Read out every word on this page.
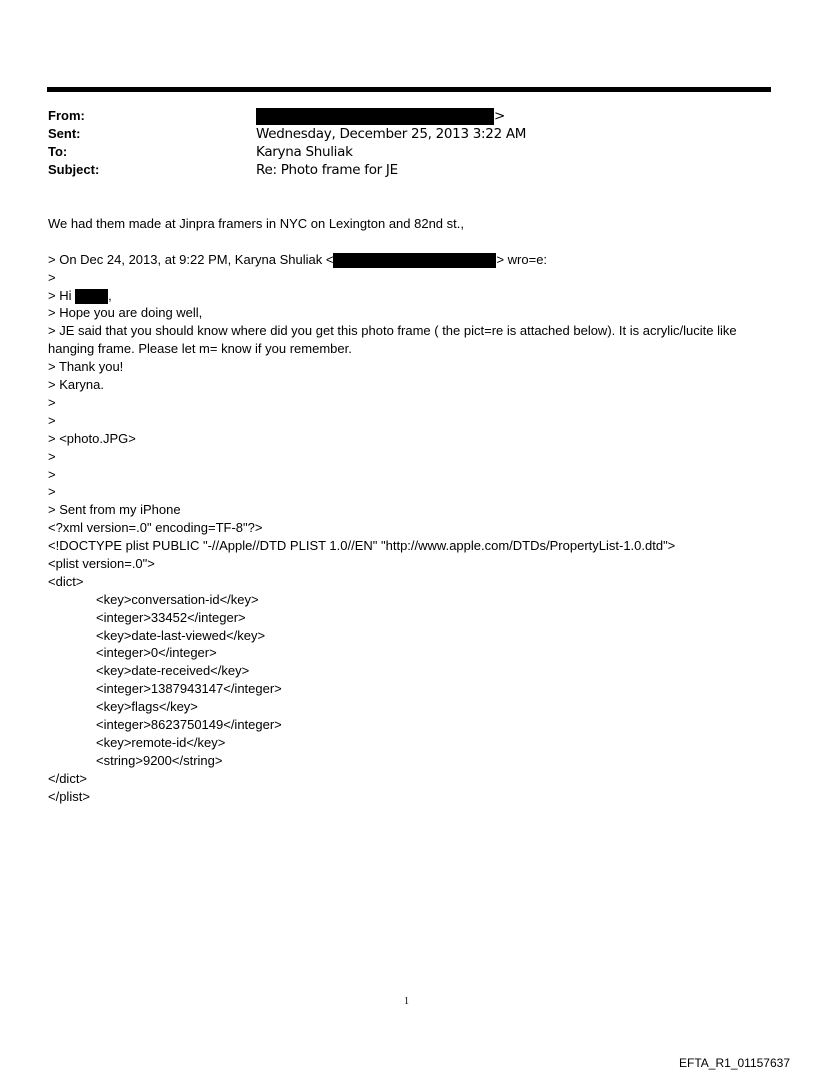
From:	>
Sent:	Wednesday, December 25, 2013 3:22 AM
To:	Karyna Shuliak
Subject:	Re: Photo frame for JE
We had them made at Jinpra framers in NYC on Lexington and 82nd st.,
> On Dec 24, 2013, at 9:22 PM, Karyna Shuliak <	> wro=e:
>
> Hi	,
> Hope you are doing well,
> JE said that you should know where did you get this photo frame ( the pict=re is attached below). It is acrylic/lucite like hanging frame. Please let m= know if you remember.
> Thank you!
> Karyna.
>
>
> <photo.JPG>
>
>
>
> Sent from my iPhone
<?xml version=.0" encoding=TF-8"?>
<!DOCTYPE plist PUBLIC "-//Apple//DTD PLIST 1.0//EN" "http://www.apple.com/DTDs/PropertyList-1.0.dtd">
<plist version=.0">
<dict>
<key>conversation-id</key>
<integer>33452</integer>
<key>date-last-viewed</key>
<integer>0</integer>
<key>date-received</key>
<integer>1387943147</integer>
<key>flags</key>
<integer>8623750149</integer>
<key>remote-id</key>
<string>9200</string>
</dict>
</plist>
1
EFTA_R1_01157637
